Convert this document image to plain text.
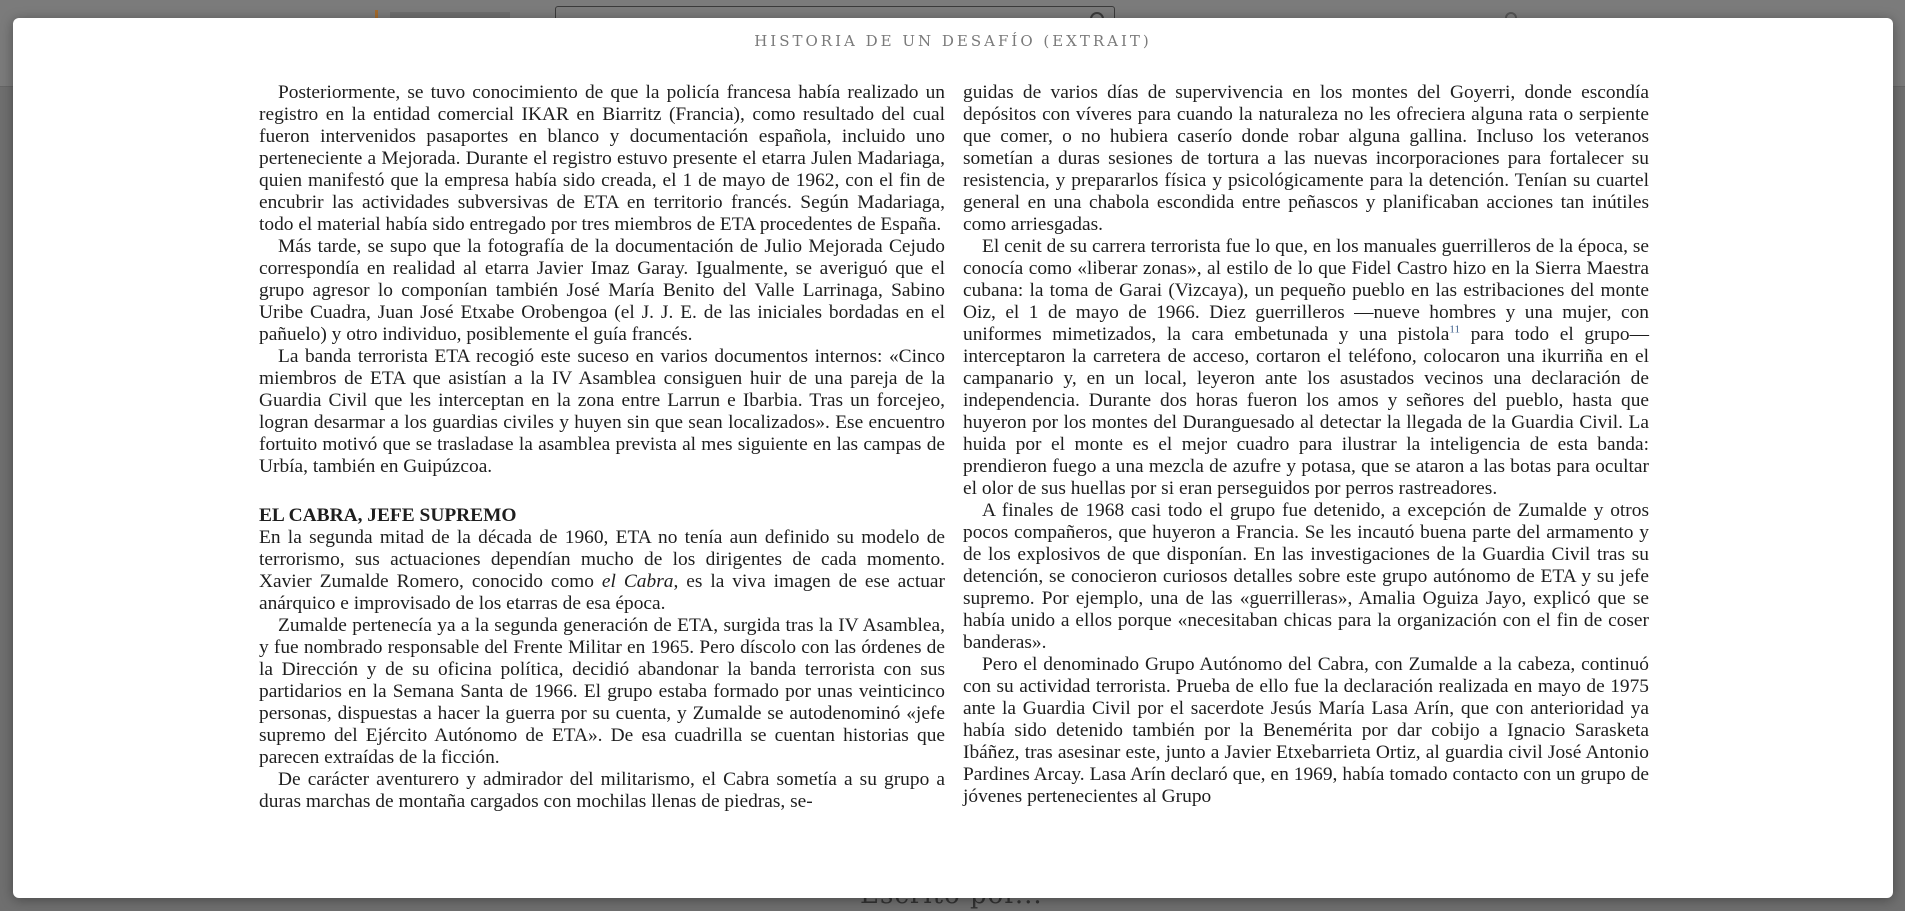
HISTORIA DE UN DESAFÍO (EXTRAIT)

Posteriormente, se tuvo conocimiento de que la policía francesa había realizado un registro en la entidad comercial IKAR en Biarritz (Francia), como resultado del cual fueron intervenidos pasaportes en blanco y documentación española, incluido uno perteneciente a Mejorada. Durante el registro estuvo presente el etarra Julen Madariaga, quien manifestó que la empresa había sido creada, el 1 de mayo de 1962, con el fin de encubrir las actividades subversivas de ETA en territorio francés. Según Madariaga, todo el material había sido entregado por tres miembros de ETA procedentes de España.

Más tarde, se supo que la fotografía de la documentación de Julio Mejorada Cejudo correspondía en realidad al etarra Javier Imaz Garay. Igualmente, se averiguó que el grupo agresor lo componían también José María Benito del Valle Larrinaga, Sabino Uribe Cuadra, Juan José Etxabe Orobengoa (el J. J. E. de las iniciales bordadas en el pañuelo) y otro individuo, posiblemente el guía francés.

La banda terrorista ETA recogió este suceso en varios documentos internos: «Cinco miembros de ETA que asistían a la IV Asamblea consiguen huir de una pareja de la Guardia Civil que les interceptan en la zona entre Larrun e Ibarbia. Tras un forcejeo, logran desarmar a los guardias civiles y huyen sin que sean localizados». Ese encuentro fortuito motivó que se trasladase la asamblea prevista al mes siguiente en las campas de Urbía, también en Guipúzcoa.

EL CABRA, JEFE SUPREMO

En la segunda mitad de la década de 1960, ETA no tenía aun definido su modelo de terrorismo, sus actuaciones dependían mucho de los dirigentes de cada momento. Xavier Zumalde Romero, conocido como el Cabra, es la viva imagen de ese actuar anárquico e improvisado de los etarras de esa época.

Zumalde pertenecía ya a la segunda generación de ETA, surgida tras la IV Asamblea, y fue nombrado responsable del Frente Militar en 1965. Pero díscolo con las órdenes de la Dirección y de su oficina política, decidió abandonar la banda terrorista con sus partidarios en la Semana Santa de 1966. El grupo estaba formado por unas veinticinco personas, dispuestas a hacer la guerra por su cuenta, y Zumalde se autodenominó «jefe supremo del Ejército Autónomo de ETA». De esa cuadrilla se cuentan historias que parecen extraídas de la ficción.

De carácter aventurero y admirador del militarismo, el Cabra sometía a su grupo a duras marchas de montaña cargados con mochilas llenas de piedras, se-

guidas de varios días de supervivencia en los montes del Goyerri, donde escondía depósitos con víveres para cuando la naturaleza no les ofreciera alguna rata o serpiente que comer, o no hubiera caserío donde robar alguna gallina. Incluso los veteranos sometían a duras sesiones de tortura a las nuevas incorporaciones para fortalecer su resistencia, y prepararlos física y psicológicamente para la detención. Tenían su cuartel general en una chabola escondida entre peñascos y planificaban acciones tan inútiles como arriesgadas.

El cenit de su carrera terrorista fue lo que, en los manuales guerrilleros de la época, se conocía como «liberar zonas», al estilo de lo que Fidel Castro hizo en la Sierra Maestra cubana: la toma de Garai (Vizcaya), un pequeño pueblo en las estribaciones del monte Oiz, el 1 de mayo de 1966. Diez guerrilleros —nueve hombres y una mujer, con uniformes mimetizados, la cara embetunada y una pistola$^{11}$ para todo el grupo— interceptaron la carretera de acceso, cortaron el teléfono, colocaron una ikurriña en el campanario y, en un local, leyeron ante los asustados vecinos una declaración de independencia. Durante dos horas fueron los amos y señores del pueblo, hasta que huyeron por los montes del Duranguesado al detectar la llegada de la Guardia Civil. La huida por el monte es el mejor cuadro para ilustrar la inteligencia de esta banda: prendieron fuego a una mezcla de azufre y potasa, que se ataron a las botas para ocultar el olor de sus huellas por si eran perseguidos por perros rastreadores.

A finales de 1968 casi todo el grupo fue detenido, a excepción de Zumalde y otros pocos compañeros, que huyeron a Francia. Se les incautó buena parte del armamento y de los explosivos de que disponían. En las investigaciones de la Guardia Civil tras su detención, se conocieron curiosos detalles sobre este grupo autónomo de ETA y su jefe supremo. Por ejemplo, una de las «guerrilleras», Amalia Oguiza Jayo, explicó que se había unido a ellos porque «necesitaban chicas para la organización con el fin de coser banderas».

Pero el denominado Grupo Autónomo del Cabra, con Zumalde a la cabeza, continuó con su actividad terrorista. Prueba de ello fue la declaración realizada en mayo de 1975 ante la Guardia Civil por el sacerdote Jesús María Lasa Arín, que con anterioridad ya había sido detenido también por la Benemérita por dar cobijo a Ignacio Sarasketa Ibáñez, tras asesinar este, junto a Javier Etxebarrieta Ortiz, al guardia civil José Antonio Pardines Arcay. Lasa Arín declaró que, en 1969, había tomado contacto con un grupo de jóvenes pertenecientes al Grupo
